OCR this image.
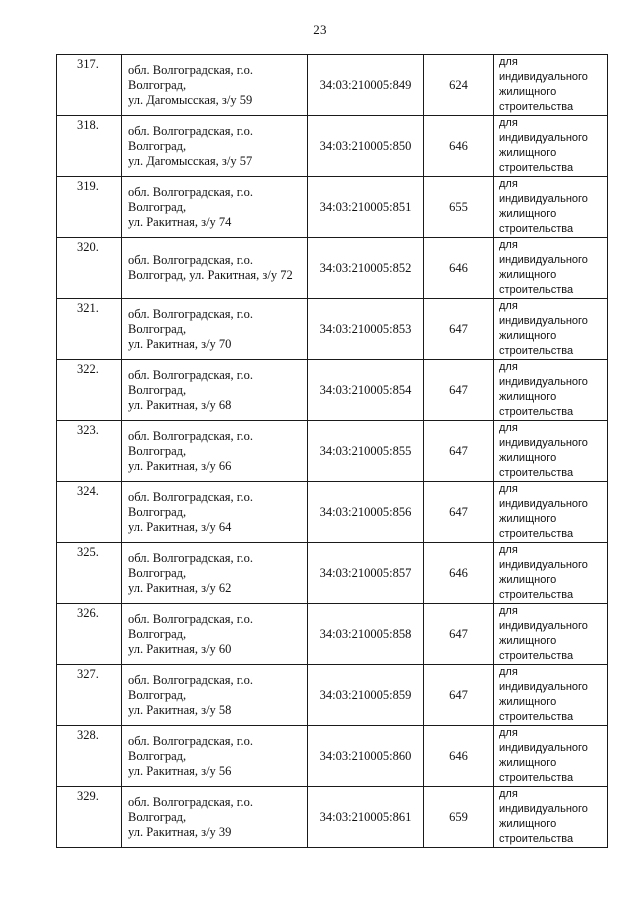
23
317.	обл. Волгоградская, г.о.
Волгоград,
ул. Дагомысская, з/у 59	34:03:210005:849	624	для
индивидуального
жилищного
строительства

318.	обл. Волгоградская, г.о.
Волгоград,
ул. Дагомысская, з/у 57	34:03:210005:850	646	для
индивидуального
жилищного
строительства

319.	обл. Волгоградская, г.о.
Волгоград,
ул. Ракитная, з/у 74	34:03:210005:851	655	для
индивидуального
жилищного
строительства

320.	обл. Волгоградская, г.о.
Волгоград, ул. Ракитная, з/у 72	34:03:210005:852	646	для
индивидуального
жилищного
строительства

321.	обл. Волгоградская, г.о.
Волгоград,
ул. Ракитная, з/у 70	34:03:210005:853	647	для
индивидуального
жилищного
строительства

322.	обл. Волгоградская, г.о.
Волгоград,
ул. Ракитная, з/у 68	34:03:210005:854	647	для
индивидуального
жилищного
строительства

323.	обл. Волгоградская, г.о.
Волгоград,
ул. Ракитная, з/у 66	34:03:210005:855	647	для
индивидуального
жилищного
строительства

324.	обл. Волгоградская, г.о.
Волгоград,
ул. Ракитная, з/у 64	34:03:210005:856	647	для
индивидуального
жилищного
строительства

325.	обл. Волгоградская, г.о.
Волгоград,
ул. Ракитная, з/у 62	34:03:210005:857	646	для
индивидуального
жилищного
строительства

326.	обл. Волгоградская, г.о.
Волгоград,
ул. Ракитная, з/у 60	34:03:210005:858	647	для
индивидуального
жилищного
строительства

327.	обл. Волгоградская, г.о.
Волгоград,
ул. Ракитная, з/у 58	34:03:210005:859	647	для
индивидуального
жилищного
строительства

328.	обл. Волгоградская, г.о.
Волгоград,
ул. Ракитная, з/у 56	34:03:210005:860	646	для
индивидуального
жилищного
строительства

329.	обл. Волгоградская, г.о.
Волгоград,
ул. Ракитная, з/у 39	34:03:210005:861	659	для
индивидуального
жилищного
строительства
